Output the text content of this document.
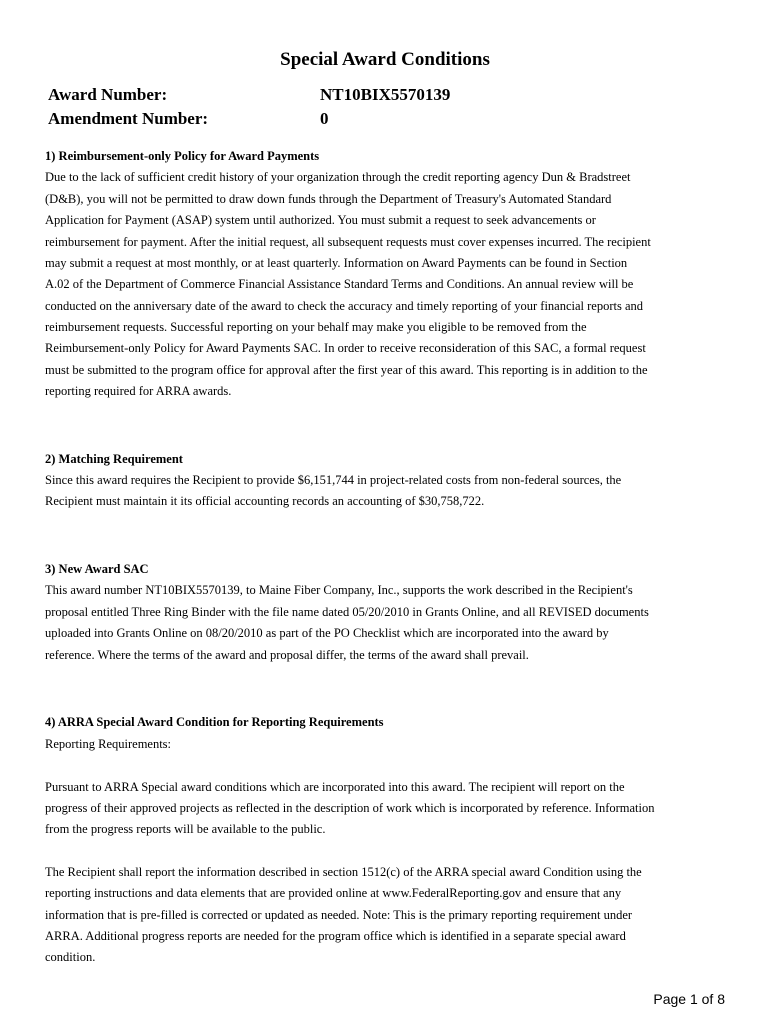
Special Award Conditions
Award Number:	NT10BIX5570139
Amendment Number:	0
1) Reimbursement-only Policy for Award Payments
Due to the lack of sufficient credit history of your organization through the credit reporting agency Dun & Bradstreet
(D&B), you will not be permitted to draw down funds through the Department of Treasury's Automated Standard
Application for Payment (ASAP) system until authorized. You must submit a request to seek advancements or
reimbursement for payment. After the initial request, all subsequent requests must cover expenses incurred. The recipient
may submit a request at most monthly, or at least quarterly. Information on Award Payments can be found in Section
A.02 of the Department of Commerce Financial Assistance Standard Terms and Conditions. An annual review will be
conducted on the anniversary date of the award to check the accuracy and timely reporting of your financial reports and
reimbursement requests. Successful reporting on your behalf may make you eligible to be removed from the
Reimbursement-only Policy for Award Payments SAC. In order to receive reconsideration of this SAC, a formal request
must be submitted to the program office for approval after the first year of this award. This reporting is in addition to the
reporting required for ARRA awards.
2) Matching Requirement
Since this award requires the Recipient to provide $6,151,744 in project-related costs from non-federal sources, the
Recipient must maintain it its official accounting records an accounting of $30,758,722.
3) New Award SAC
This award number NT10BIX5570139, to Maine Fiber Company, Inc., supports the work described in the Recipient's
proposal entitled Three Ring Binder with the file name dated 05/20/2010 in Grants Online, and all REVISED documents
uploaded into Grants Online on 08/20/2010 as part of the PO Checklist which are incorporated into the award by
reference. Where the terms of the award and proposal differ, the terms of the award shall prevail.
4) ARRA Special Award Condition for Reporting Requirements
Reporting Requirements:
Pursuant to ARRA Special award conditions which are incorporated into this award. The recipient will report on the
progress of their approved projects as reflected in the description of work which is incorporated by reference. Information
from the progress reports will be available to the public.
The Recipient shall report the information described in section 1512(c) of the ARRA special award Condition using the
reporting instructions and data elements that are provided online at www.FederalReporting.gov and ensure that any
information that is pre-filled is corrected or updated as needed. Note: This is the primary reporting requirement under
ARRA. Additional progress reports are needed for the program office which is identified in a separate special award
condition.
Page 1 of 8
